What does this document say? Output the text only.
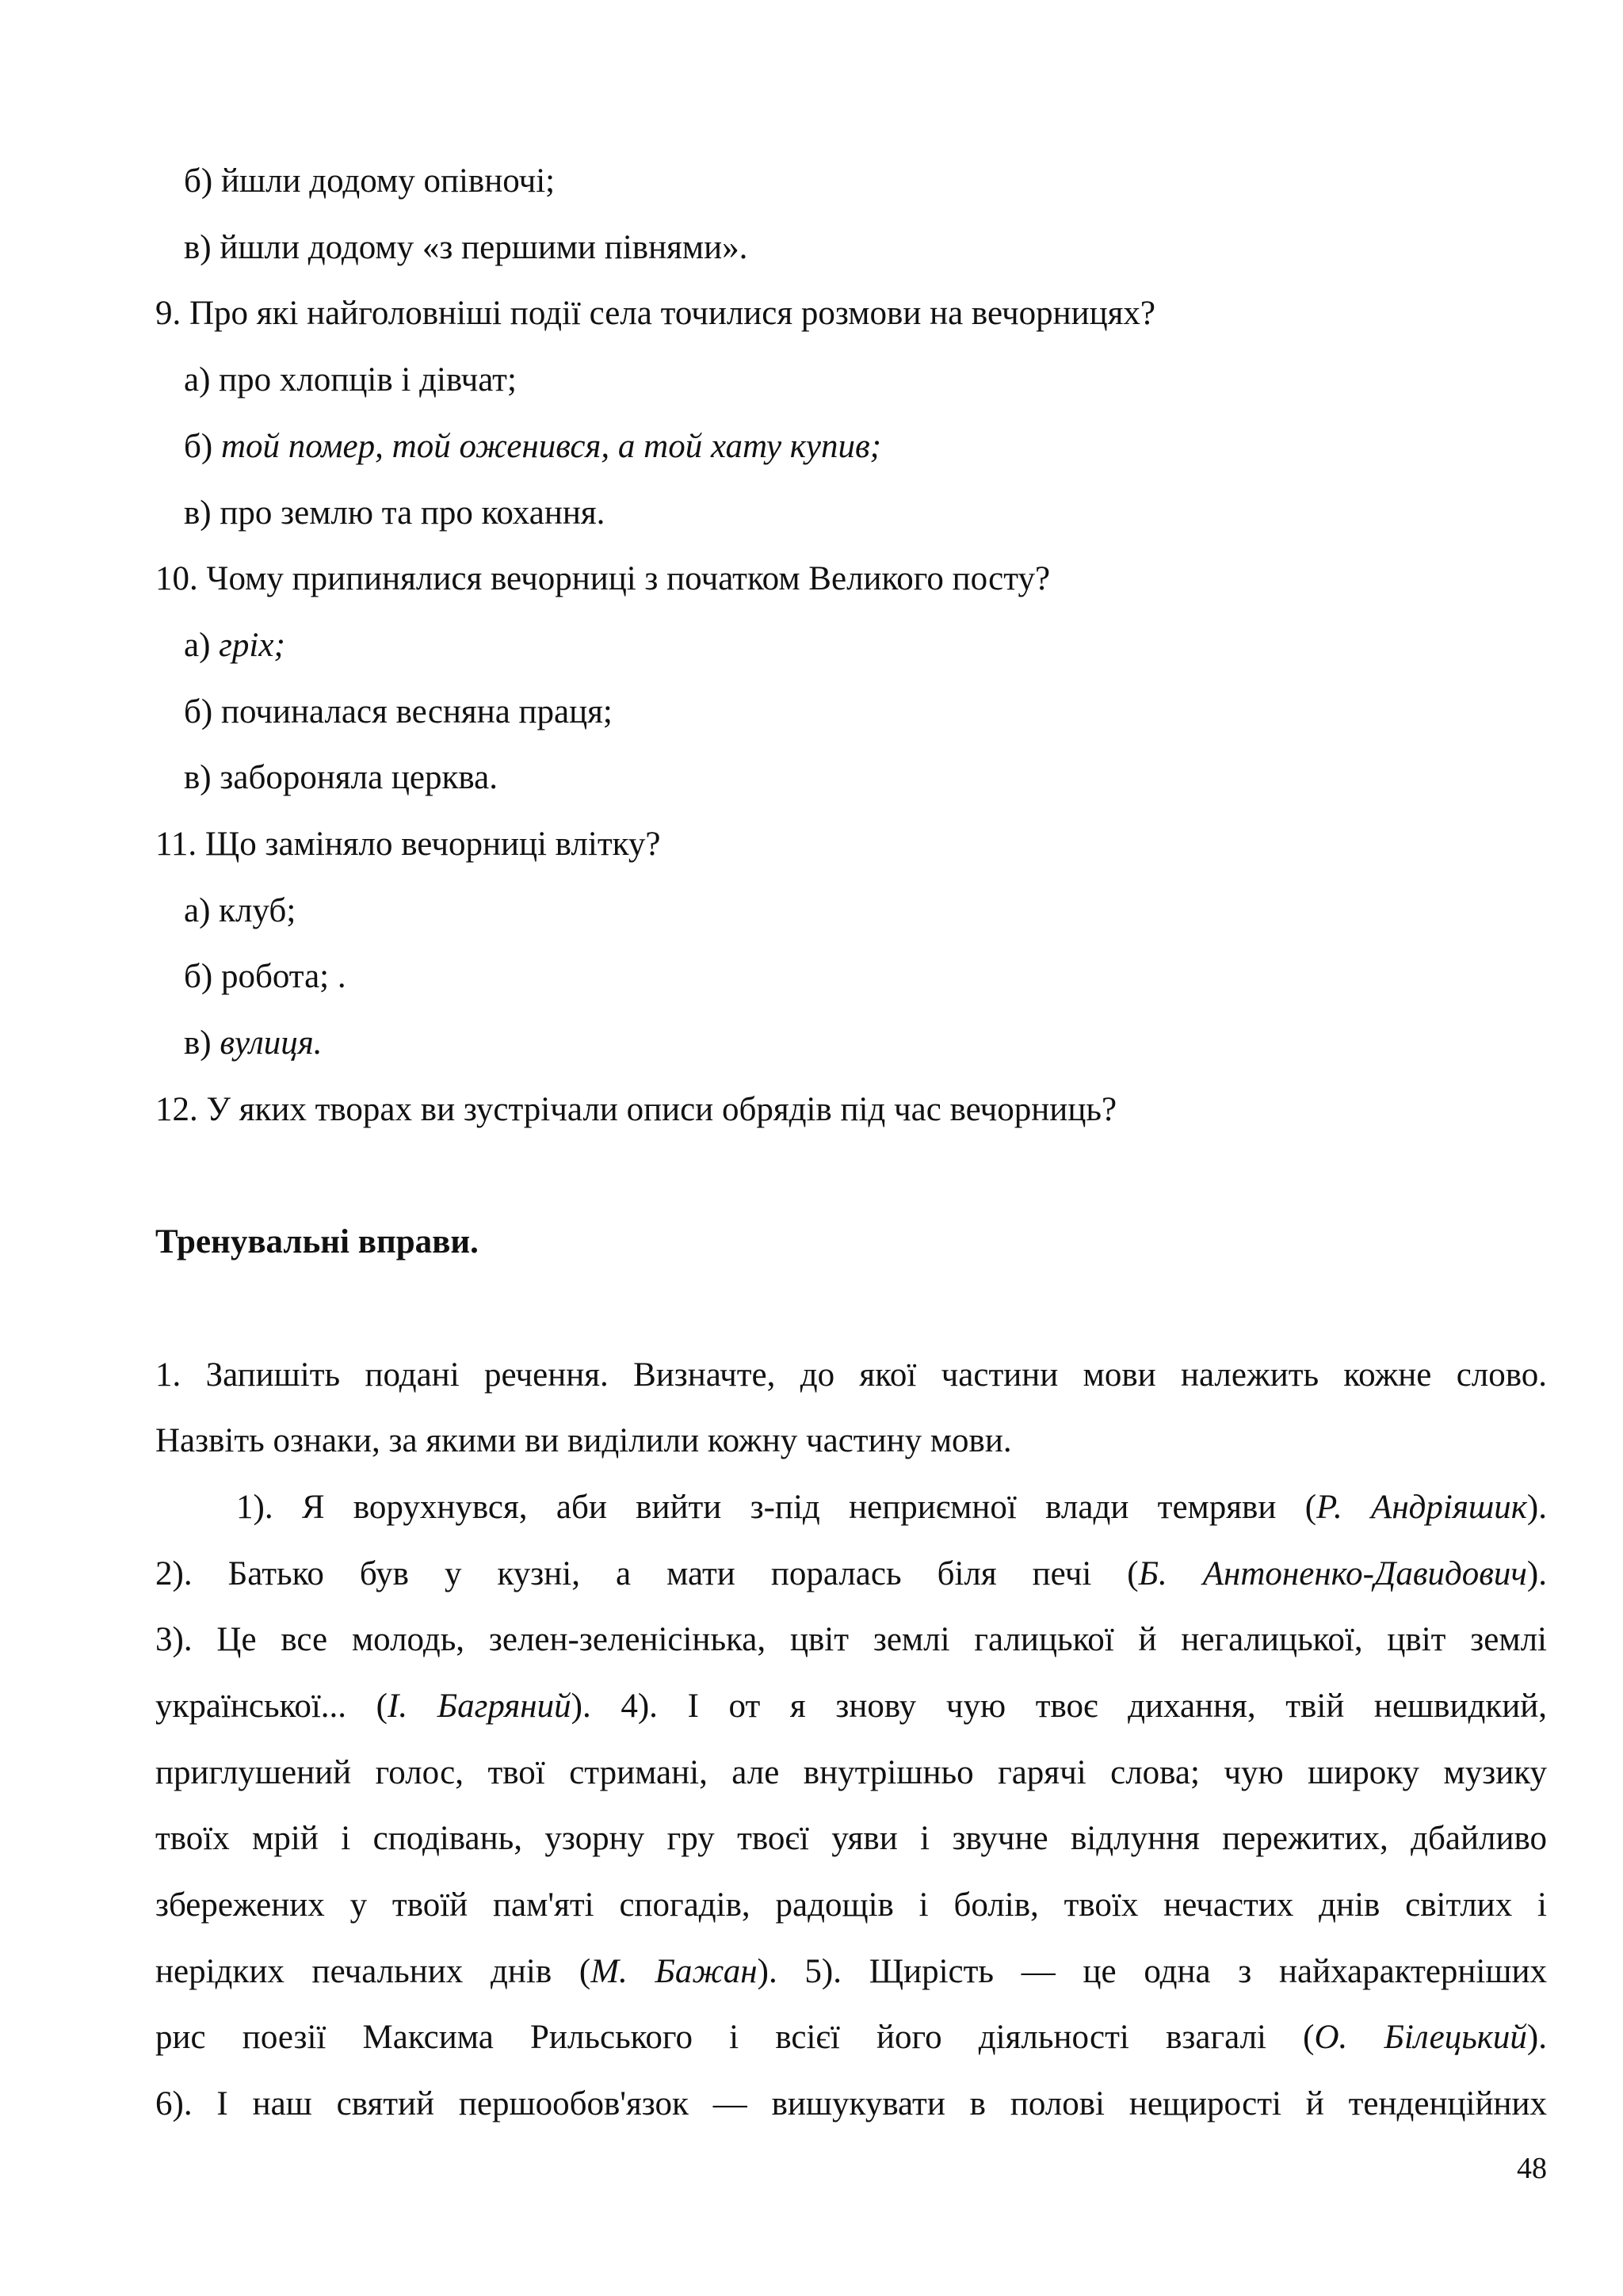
б) йшли додому опівночі;
в) йшли додому «з першими півнями».
9. Про які найголовніші події села точилися розмови на вечорницях?
а) про хлопців і дівчат;
б) той помер, той оженився, а той хату купив;
в) про землю та про кохання.
10. Чому припинялися вечорниці з початком Великого посту?
а) гріх;
б) починалася весняна праця;
в) забороняла церква.
11. Що заміняло вечорниці влітку?
а) клуб;
б) робота; .
в) вулиця.
12. У яких творах ви зустрічали описи обрядів під час вечорниць?
Тренувальні вправи.
1. Запишіть подані речення. Визначте, до якої частини мови належить кожне слово.
Назвіть ознаки, за якими ви виділили кожну частину мови.
1). Я ворухнувся, аби вийти з-під неприємної влади темряви (Р. Андріяшик).
2). Батько був у кузні, а мати поралась біля печі (Б. Антоненко-Давидович).
3). Це все молодь, зелен-зеленісінька, цвіт землі галицької й негалицької, цвіт землі
української... (І. Багряний). 4). І от я знову чую твоє дихання, твій нешвидкий,
приглушений голос, твої стримані, але внутрішньо гарячі слова; чую широку музику
твоїх мрій і сподівань, узорну гру твоєї уяви і звучне відлуння пережитих, дбайливо
збережених у твоїй пам'яті спогадів, радощів і болів, твоїх нечастих днів світлих і
нерідких печальних днів (М. Бажан). 5). Щирість — це одна з найхарактерніших
рис поезії Максима Рильського і всієї його діяльності взагалі (О. Білецький).
6). І наш святий першообов'язок — вишукувати в полові нещирості й тенденційних
48
